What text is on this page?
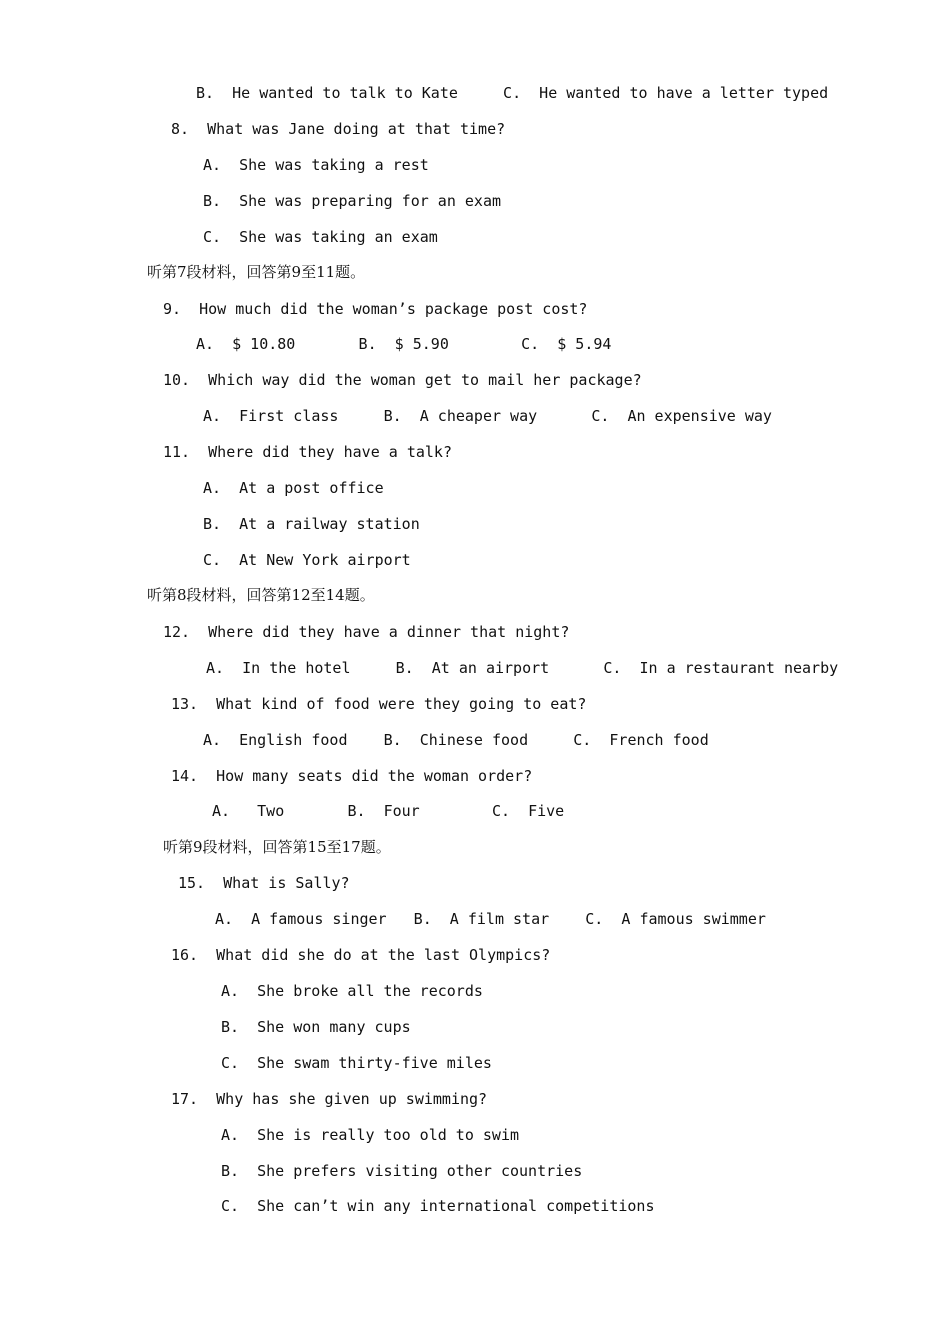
B.  He wanted to talk to Kate     C.  He wanted to have a letter typed
8.  What was Jane doing at that time?
A.  She was taking a rest
B.  She was preparing for an exam
C.  She was taking an exam
听第7段材料，回答第9至11题。
9.  How much did the woman’s package post cost?
A.  $ 10.80       B.  $ 5.90        C.  $ 5.94
10.  Which way did the woman get to mail her package?
A.  First class     B.  A cheaper way      C.  An expensive way
11.  Where did they have a talk?
A.  At a post office
B.  At a railway station
C.  At New York airport
听第8段材料，回答第12至14题。
12.  Where did they have a dinner that night?
A.  In the hotel     B.  At an airport      C.  In a restaurant nearby
13.  What kind of food were they going to eat?
A.  English food    B.  Chinese food     C.  French food
14.  How many seats did the woman order?
A.   Two       B.  Four        C.  Five
听第9段材料，回答第15至17题。
15.  What is Sally?
A.  A famous singer   B.  A film star    C.  A famous swimmer
16.  What did she do at the last Olympics?
A.  She broke all the records
B.  She won many cups
C.  She swam thirty-five miles
17.  Why has she given up swimming?
A.  She is really too old to swim
B.  She prefers visiting other countries
C.  She can’t win any international competitions
